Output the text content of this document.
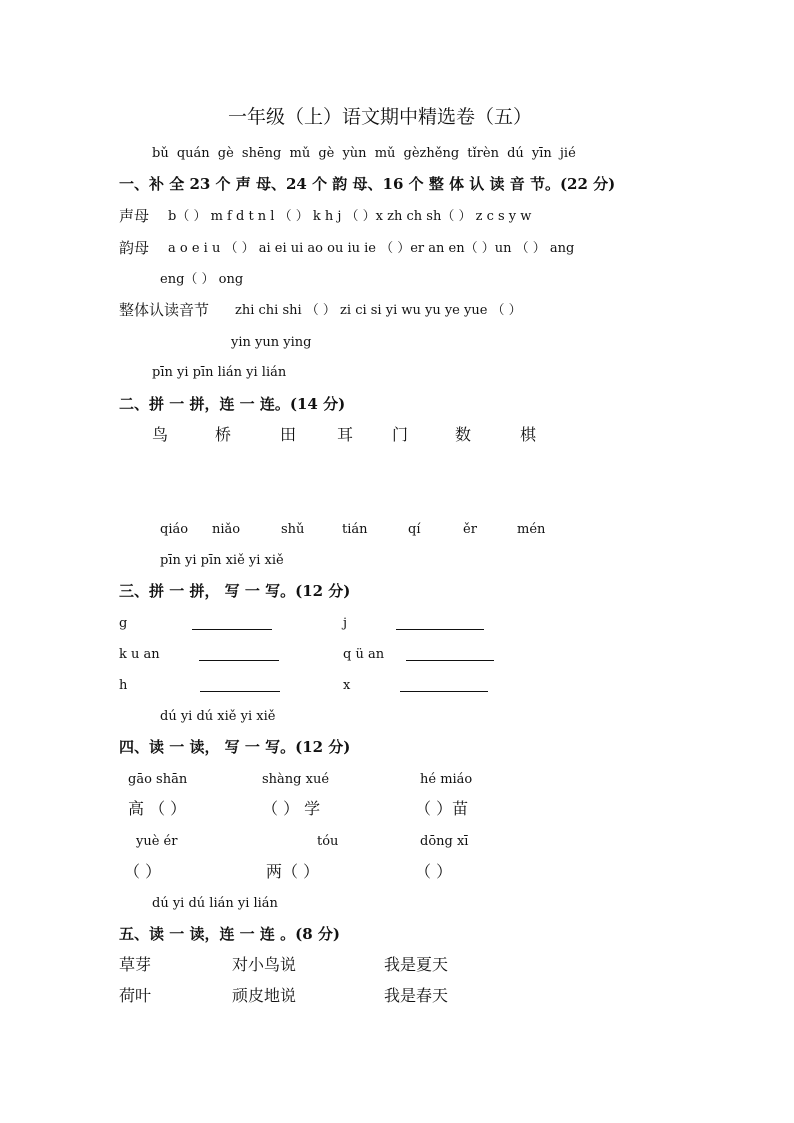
一年级（上）语文期中精选卷（五）
bǔ quán gè shēng mǔ gè yùn mǔ gèzhěng tǐrèn dú yīn jié
一、补 全 23 个 声 母、24 个 韵 母、16 个 整 体 认 读 音 节。(22 分)
声母 b（ ） m f d t n l （ ） k h j （ ）x zh ch sh（ ） z c s y w
韵母 a o e i u （ ） ai ei ui ao ou iu ie （ ）er an en（ ）un （ ） ang
eng（ ） ong
整体认读音节 zhi chi shi （ ） zi ci si yi wu yu ye yue （ ）
yin yun ying
pīn yi pīn lián yi lián
二、拼 一 拼，连 一 连。(14 分)
鸟	桥	田	耳 门	数	棋
qiáo niǎo	shǔ	tián	qí	ěr	mén
pīn yi pīn xiě yi xiě
三、拼 一 拼， 写 一 写。(12 分)
g	j
k u an	q ü an
h	x
dú yi dú xiě yi xiě
四、读 一 读， 写 一 写。(12 分)
gāo shān	shàng xué	hé miáo
高 （ ）	（ ） 学	（ ）苗
yuè ér	tóu	dōng xī
（ ）	两（ ）	（ ）
dú yi dú lián yi lián
五、读 一 读，连 一 连 。(8 分)
草芽	对小鸟说	我是夏天
荷叶	顽皮地说	我是春天
